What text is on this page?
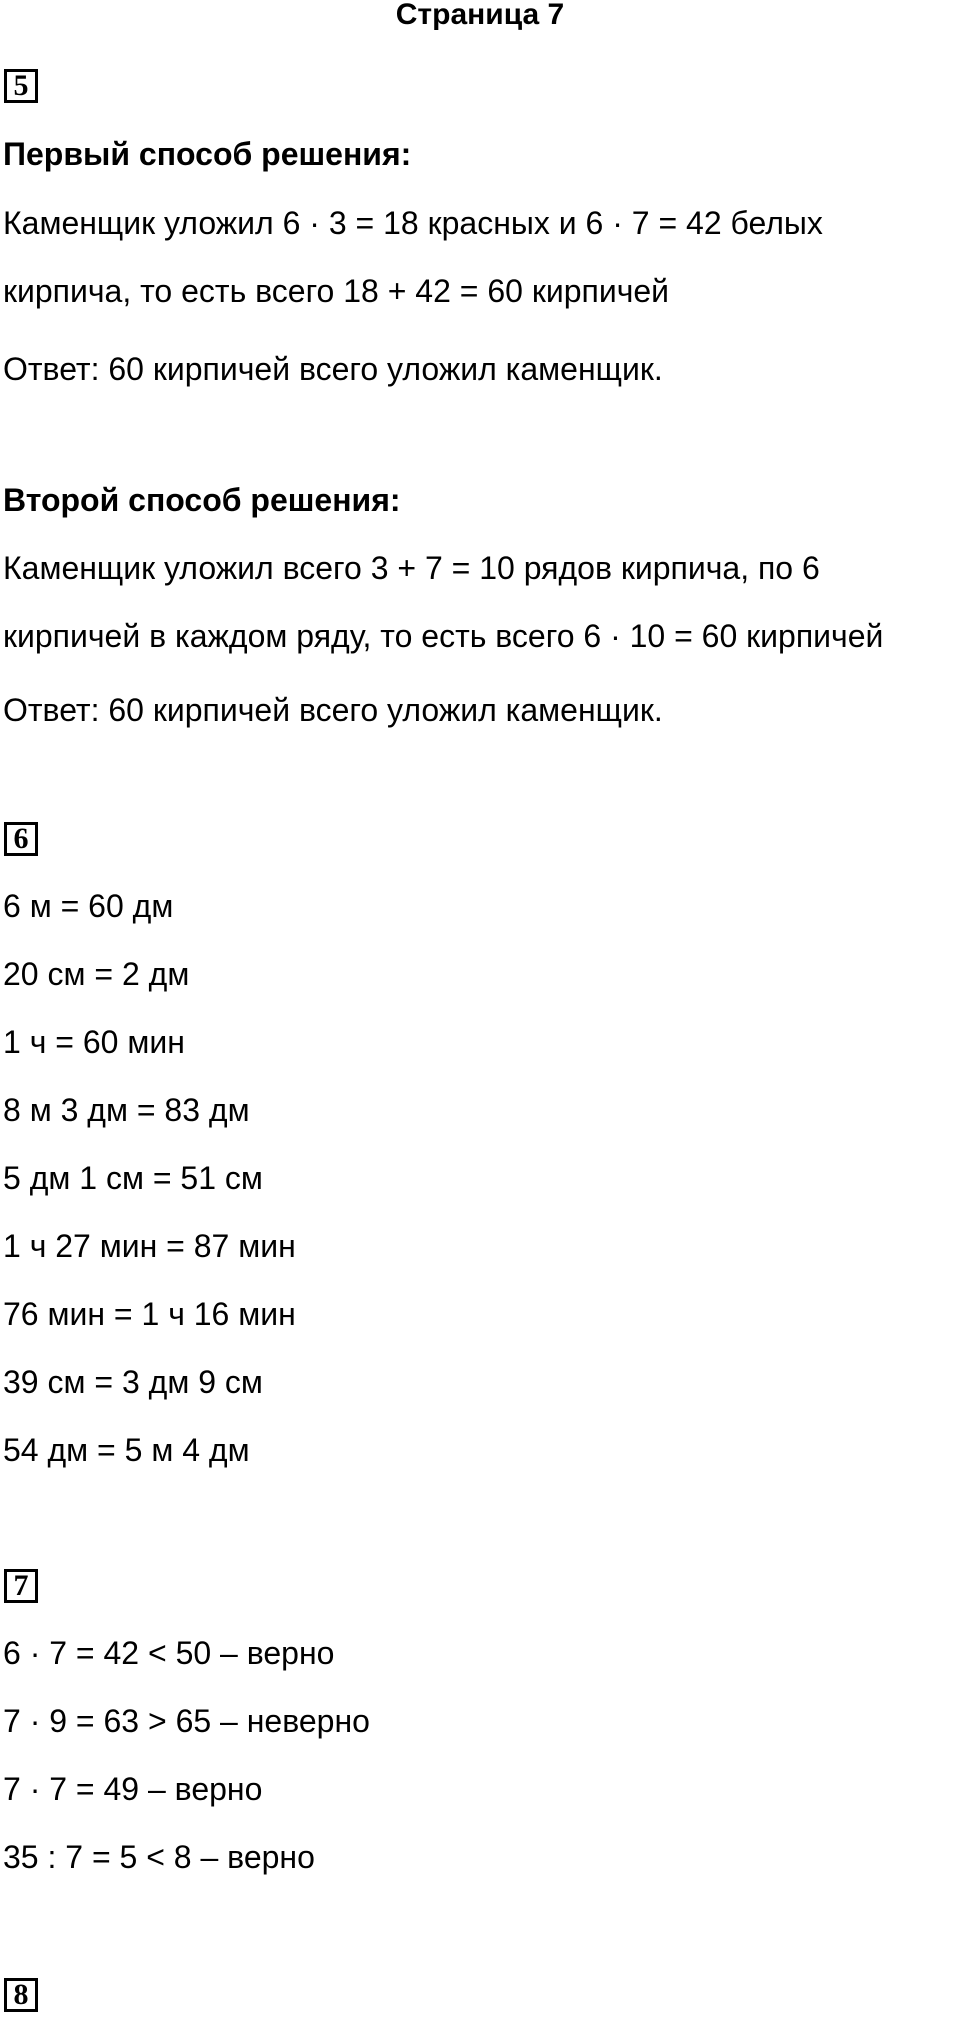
Страница 7
5
Первый способ решения:
Каменщик уложил 6 · 3 = 18 красных и 6 · 7 = 42 белых
кирпича, то есть всего 18 + 42 = 60 кирпичей
Ответ: 60 кирпичей всего уложил каменщик.
Второй способ решения:
Каменщик уложил всего 3 + 7 = 10 рядов кирпича, по 6
кирпичей в каждом ряду, то есть всего 6 · 10 = 60 кирпичей
Ответ: 60 кирпичей всего уложил каменщик.
6
6 м = 60 дм
20 см = 2 дм
1 ч = 60 мин
8 м 3 дм = 83 дм
5 дм 1 см = 51 см
1 ч 27 мин = 87 мин
76 мин = 1 ч 16 мин
39 см = 3 дм 9 см
54 дм = 5 м 4 дм
7
6 · 7 = 42 < 50 – верно
7 · 9 = 63 > 65 – неверно
7 · 7 = 49 – верно
35 : 7 = 5 < 8 – верно
8
